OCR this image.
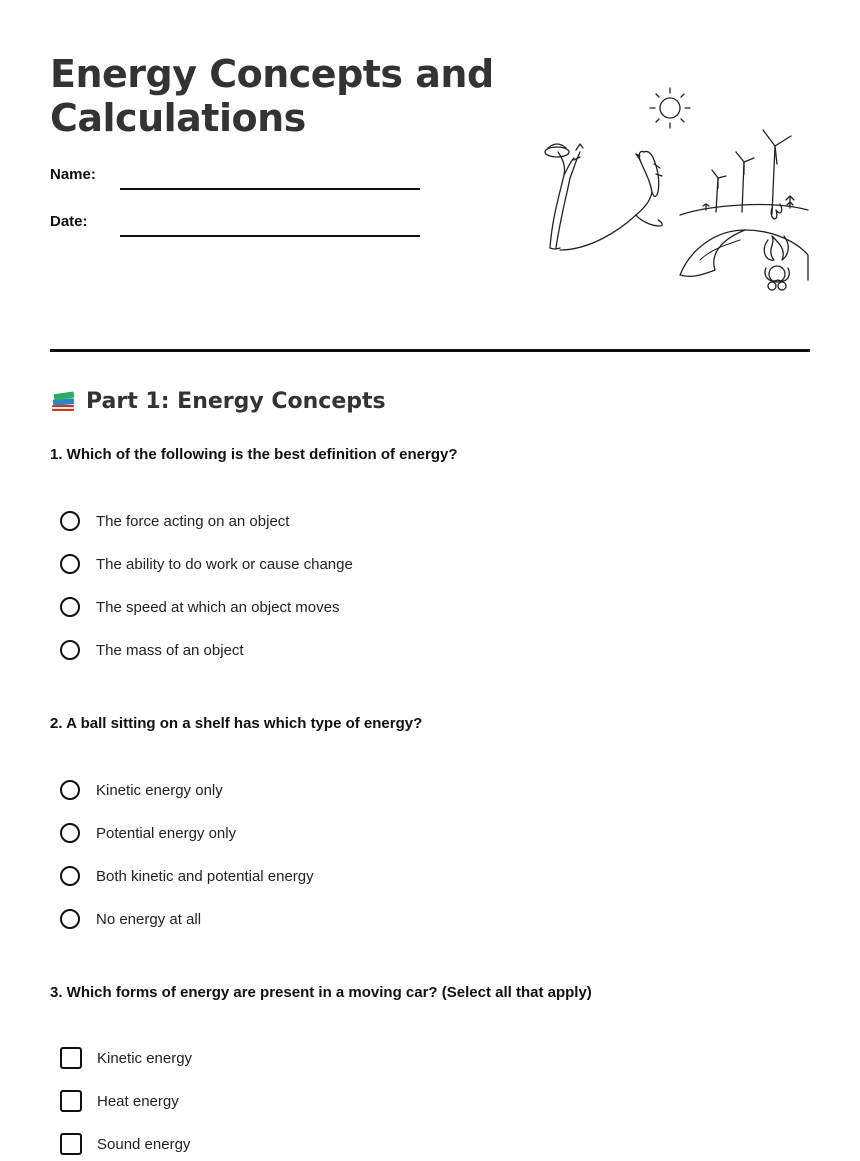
Energy Concepts and Calculations
Name:
Date:
Part 1: Energy Concepts
1. Which of the following is the best definition of energy?
The force acting on an object
The ability to do work or cause change
The speed at which an object moves
The mass of an object
2. A ball sitting on a shelf has which type of energy?
Kinetic energy only
Potential energy only
Both kinetic and potential energy
No energy at all
3. Which forms of energy are present in a moving car? (Select all that apply)
Kinetic energy
Heat energy
Sound energy
